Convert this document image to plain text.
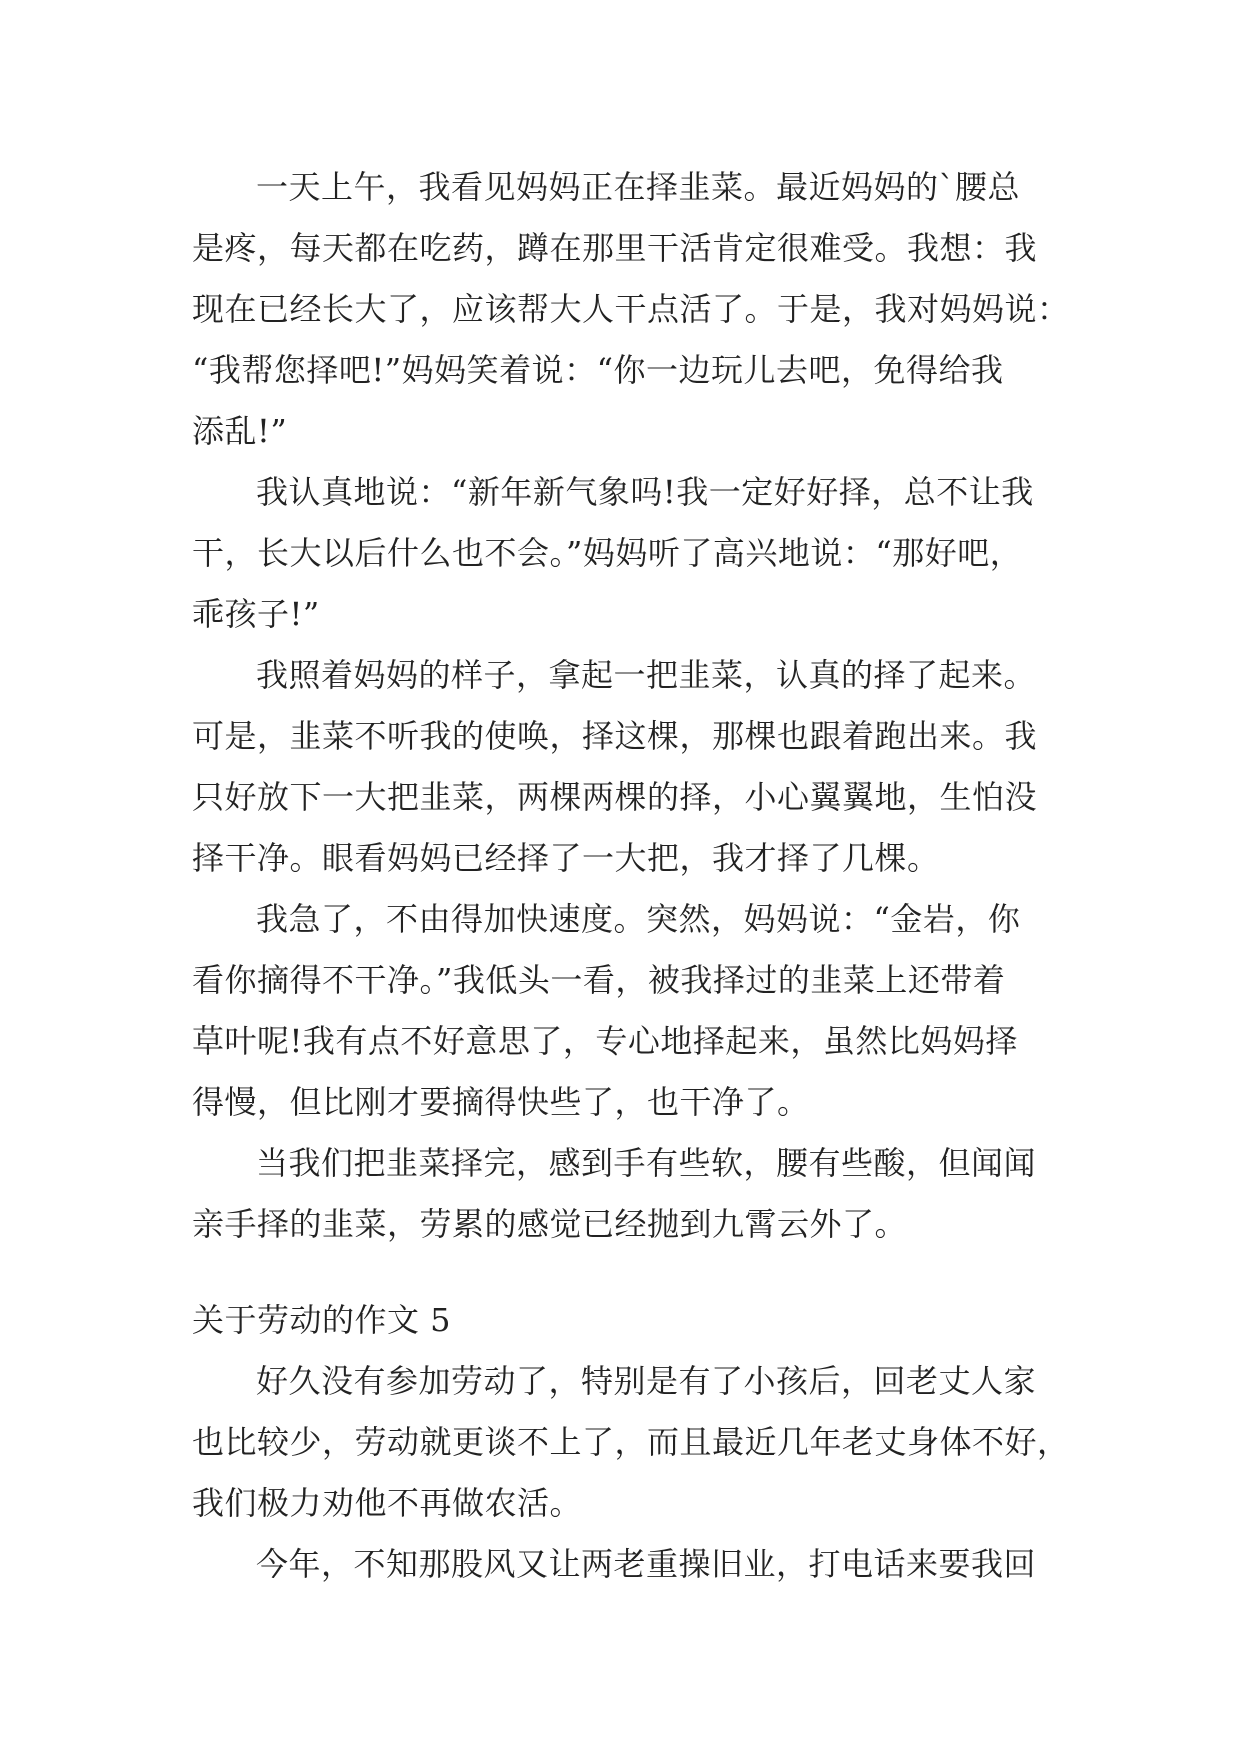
一天上午，我看见妈妈正在择韭菜。最近妈妈的`腰总
是疼，每天都在吃药，蹲在那里干活肯定很难受。我想：我
现在已经长大了，应该帮大人干点活了。于是，我对妈妈说：
“我帮您择吧!”妈妈笑着说：“你一边玩儿去吧，免得给我
添乱!”
我认真地说：“新年新气象吗!我一定好好择，总不让我
干，长大以后什么也不会。”妈妈听了高兴地说：“那好吧，
乖孩子!”
我照着妈妈的样子，拿起一把韭菜，认真的择了起来。
可是，韭菜不听我的使唤，择这棵，那棵也跟着跑出来。我
只好放下一大把韭菜，两棵两棵的择，小心翼翼地，生怕没
择干净。眼看妈妈已经择了一大把，我才择了几棵。
我急了，不由得加快速度。突然，妈妈说：“金岩，你
看你摘得不干净。”我低头一看，被我择过的韭菜上还带着
草叶呢!我有点不好意思了，专心地择起来，虽然比妈妈择
得慢，但比刚才要摘得快些了，也干净了。
当我们把韭菜择完，感到手有些软，腰有些酸，但闻闻
亲手择的韭菜，劳累的感觉已经抛到九霄云外了。
关于劳动的作文 5
好久没有参加劳动了，特别是有了小孩后，回老丈人家
也比较少，劳动就更谈不上了，而且最近几年老丈身体不好，
我们极力劝他不再做农活。
今年，不知那股风又让两老重操旧业，打电话来要我回
